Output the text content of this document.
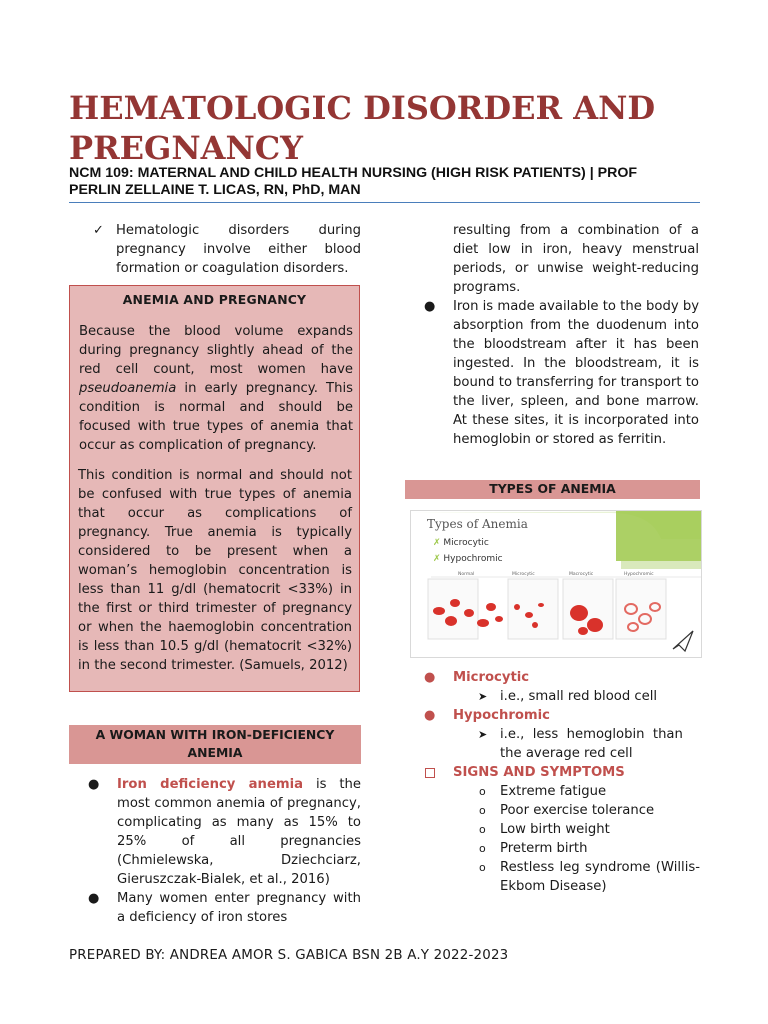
HEMATOLOGIC DISORDER AND
PREGNANCY
NCM 109: MATERNAL AND CHILD HEALTH NURSING (HIGH RISK PATIENTS) | PROF
PERLIN ZELLAINE T. LICAS, RN, PhD, MAN
✓ Hematologic disorders during pregnancy involve either blood formation or coagulation disorders.
ANEMIA AND PREGNANCY
Because the blood volume expands during pregnancy slightly ahead of the red cell count, most women have pseudoanemia in early pregnancy. This condition is normal and should be focused with true types of anemia that occur as complication of pregnancy.
This condition is normal and should not be confused with true types of anemia that occur as complications of pregnancy. True anemia is typically considered to be present when a woman’s hemoglobin concentration is less than 11 g/dl (hematocrit <33%) in the first or third trimester of pregnancy or when the haemoglobin concentration is less than 10.5 g/dl (hematocrit <32%) in the second trimester. (Samuels, 2012)
A WOMAN WITH IRON-DEFICIENCY ANEMIA
● Iron deficiency anemia is the most common anemia of pregnancy, complicating as many as 15% to 25% of all pregnancies (Chmielewska, Dziechciarz, Gieruszczak-Bialek, et al., 2016)
● Many women enter pregnancy with a deficiency of iron stores
resulting from a combination of a diet low in iron, heavy menstrual periods, or unwise weight-reducing programs.
● Iron is made available to the body by absorption from the duodenum into the bloodstream after it has been ingested. In the bloodstream, it is bound to transferring for transport to the liver, spleen, and bone marrow. At these sites, it is incorporated into hemoglobin or stored as ferritin.
TYPES OF ANEMIA
Types of Anemia
✗ Microcytic
✗ Hypochromic
Normal	Microcytic	Macrocytic	Hypochromic
● Microcytic
➤ i.e., small red blood cell
● Hypochromic
➤ i.e.,  less  hemoglobin  than
the average red cell
SIGNS AND SYMPTOMS
o Extreme fatigue
o Poor exercise tolerance
o Low birth weight
o Preterm birth
o Restless leg syndrome (Willis-Ekbom Disease)
PREPARED BY: ANDREA AMOR S. GABICA BSN 2B A.Y 2022-2023
